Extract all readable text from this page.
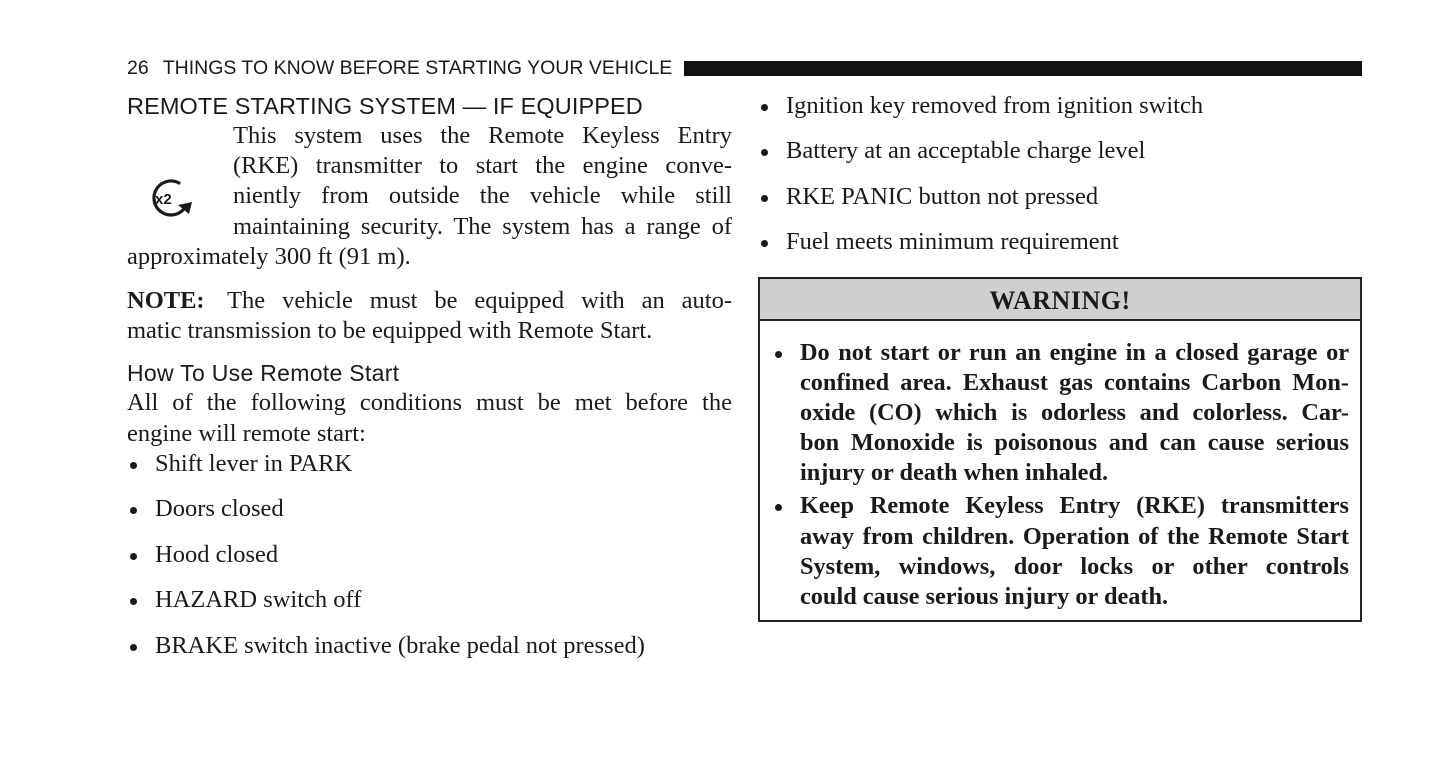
26 THINGS TO KNOW BEFORE STARTING YOUR VEHICLE
REMOTE STARTING SYSTEM — IF EQUIPPED
x2

This system uses the Remote Keyless Entry
(RKE) transmitter to start the engine conve-
niently from outside the vehicle while still
maintaining security. The system has a range of
approximately 300 ft (91 m).

NOTE: The vehicle must be equipped with an auto-
matic transmission to be equipped with Remote Start.

How To Use Remote Start

All of the following conditions must be met before the
engine will remote start:

Shift lever in PARK
Doors closed
Hood closed
HAZARD switch off
BRAKE switch inactive (brake pedal not pressed)
Ignition key removed from ignition switch
Battery at an acceptable charge level
RKE PANIC button not pressed
Fuel meets minimum requirement
WARNING!
Do not start or run an engine in a closed garage or
confined area. Exhaust gas contains Carbon Mon-
oxide (CO) which is odorless and colorless. Car-
bon Monoxide is poisonous and can cause serious
injury or death when inhaled.
Keep Remote Keyless Entry (RKE) transmitters
away from children. Operation of the Remote Start
System, windows, door locks or other controls
could cause serious injury or death.
